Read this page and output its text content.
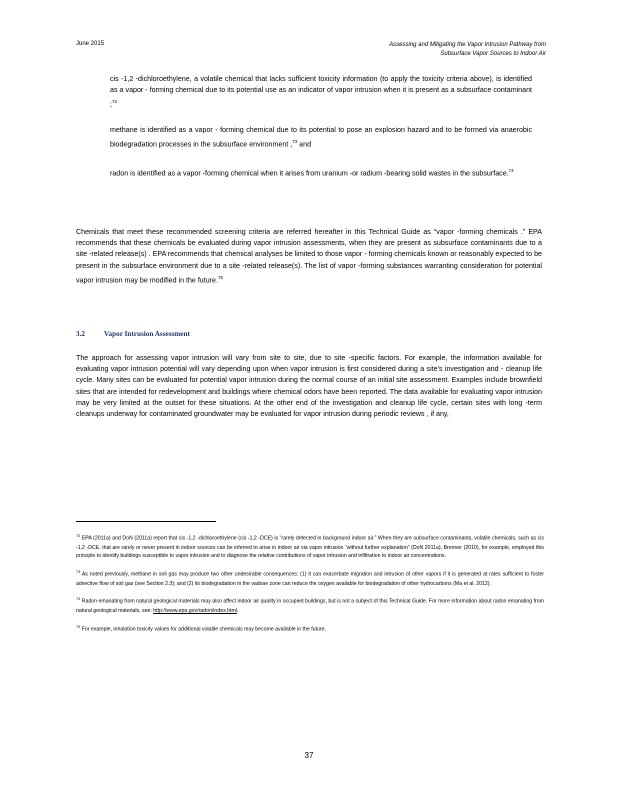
June 2015	Assessing and Mitigating the Vapor Intrusion Pathway from
Subsurface Vapor Sources to Indoor Air
cis -1,2 -dichloroethylene, a volatile chemical that lacks sufficient toxicity information (to apply the toxicity criteria above), is identified as a vapor - forming chemical due to its potential use as an indicator of vapor intrusion when it is present as a subsurface contaminant ;$^{72}$
methane is identified as a vapor - forming chemical due to its potential to pose an explosion hazard and to be formed via anaerobic biodegradation processes in the subsurface environment ,$^{73}$ and
radon is identified as a vapor -forming chemical when it arises from uranium -or radium -bearing solid wastes in the subsurface.$^{74}$
Chemicals that meet these recommended screening criteria are referred hereafter in this Technical Guide as “vapor -forming chemicals .” EPA recommends that these chemicals be evaluated during vapor intrusion assessments, when they are present as subsurface contaminants due to a site -related release(s) . EPA recommends that chemical analyses be limited to those vapor - forming chemicals known or reasonably expected to be present in the subsurface environment due to a site -related release(s). The list of vapor -forming substances warranting consideration for potential vapor intrusion may be modified in the future.$^{75}$
3.2	Vapor Intrusion Assessment
The approach for assessing vapor intrusion will vary from site to site, due to site -specific factors. For example, the information available for evaluating vapor intrusion potential will vary depending upon when vapor intrusion is first considered during a site's investigation and - cleanup life cycle. Many sites can be evaluated for potential vapor intrusion during the normal course of an initial site assessment. Examples include brownfield sites that are intended for redevelopment and buildings where chemical odors have been reported. The data available for evaluating vapor intrusion may be very limited at the outset for these situations. At the other end of the investigation and cleanup life cycle, certain sites with long -term cleanups underway for contaminated groundwater may be evaluated for vapor intrusion during periodic reviews , if any,
$^{72}$ EPA (2011a) and DoN (2011a) report that cis -1,2 -dichloroethylene (cis -1,2 -DCE) is “rarely detected in background indoor air.” When they are subsurface contaminants, volatile chemicals, such as cis -1,2 -DCE, that are rarely or never present in indoor sources can be inferred to arise in indoor air via vapor intrusion “without further explanation” (DoN 2011a). Brenner (2010), for example, employed this principle to identify buildings susceptible to vapor intrusion and to diagnose the relative contributions of vapor intrusion and infiltration to indoor air concentrations.
$^{73}$ As noted previously, methane in soil gas may produce two other undesirable consequences: (1) it can exacerbate migration and intrusion of other vapors if it is generated at rates sufficient to foster advective flow of soil gas (see Section 2.3); and (2) its biodegradation in the vadose zone can reduce the oxygen available for biodegradation of other hydrocarbons (Ma et al. 2012).
$^{74}$ Radon emanating from natural geological materials may also affect indoor air quality in occupied buildings, but is not a subject of this Technical Guide. For more information about radon emanating from natural geological materials, see: http://www.epa.gov/radon/index.html.
$^{75}$ For example, inhalation toxicity values for additional volatile chemicals may become available in the future.
37
